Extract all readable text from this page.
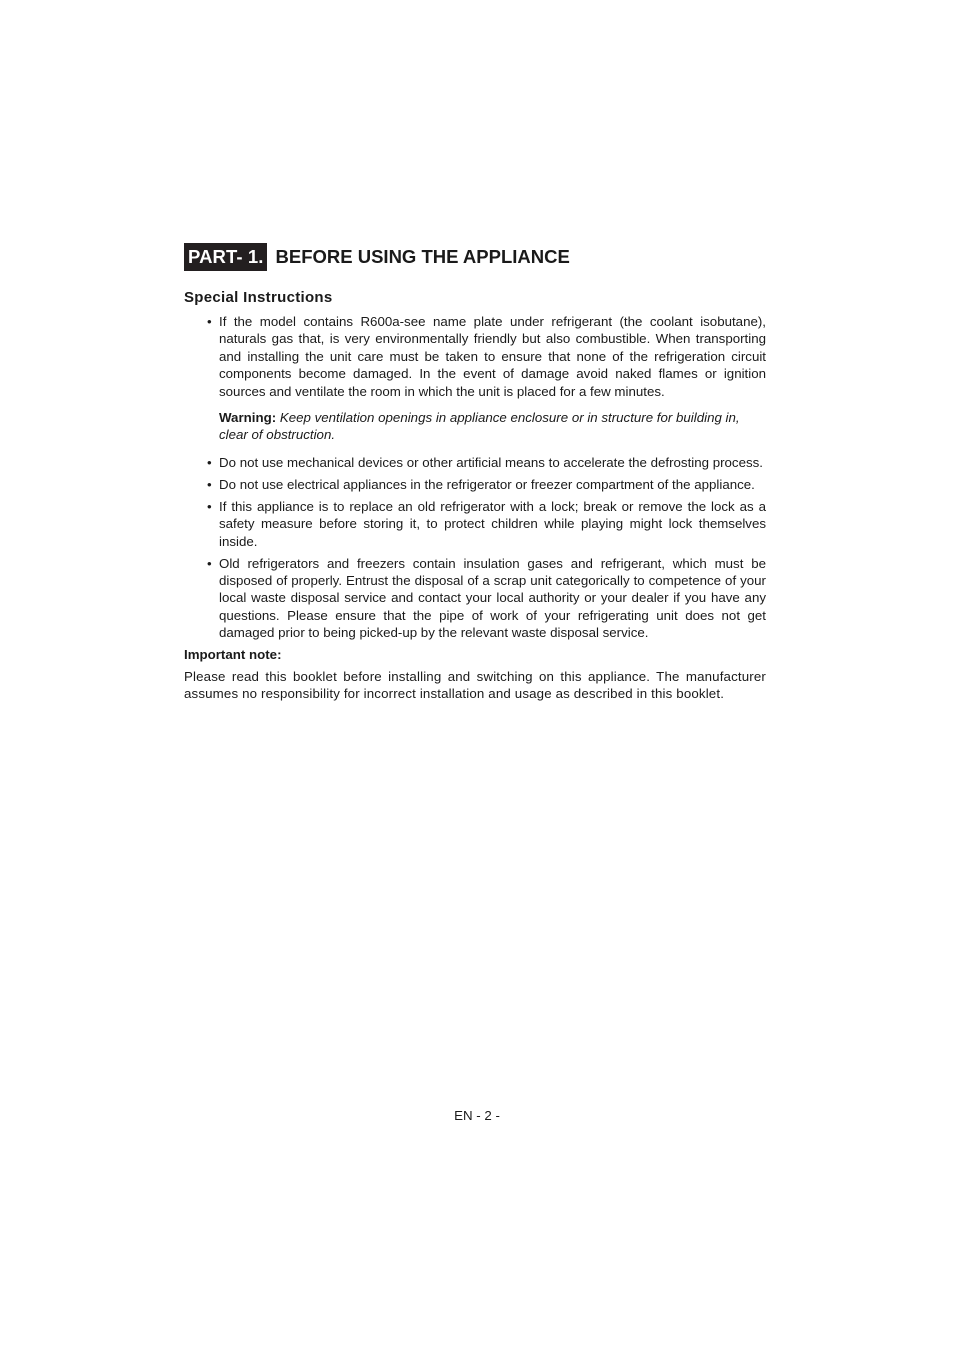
PART- 1. BEFORE USING THE APPLIANCE
Special Instructions
• If the model contains R600a-see name plate under refrigerant (the coolant isobutane), naturals gas that, is very environmentally friendly but also combustible. When transporting and installing the unit care must be taken to ensure that none of the refrigeration circuit components become damaged. In the event of damage avoid naked flames or ignition sources and ventilate the room in which the unit is placed for a few minutes.
Warning: Keep ventilation openings in appliance enclosure or in structure for building in, clear of obstruction.
• Do not use mechanical devices or other artificial means to accelerate the defrosting process.
• Do not use electrical appliances in the refrigerator or freezer compartment of the appliance.
• If this appliance is to replace an old refrigerator with a lock; break or remove the lock as a safety measure before storing it, to protect children while playing might lock themselves inside.
• Old refrigerators and freezers contain insulation gases and refrigerant, which must be disposed of properly. Entrust the disposal of a scrap unit categorically to competence of your local waste disposal service and contact your local authority or your dealer if you have any questions. Please ensure that the pipe of work of your refrigerating unit does not get damaged prior to being picked-up by the relevant waste disposal service.
Important note:
Please read this booklet before installing and switching on this appliance. The manufacturer assumes no responsibility for incorrect installation and usage as described in this booklet.
EN - 2 -
